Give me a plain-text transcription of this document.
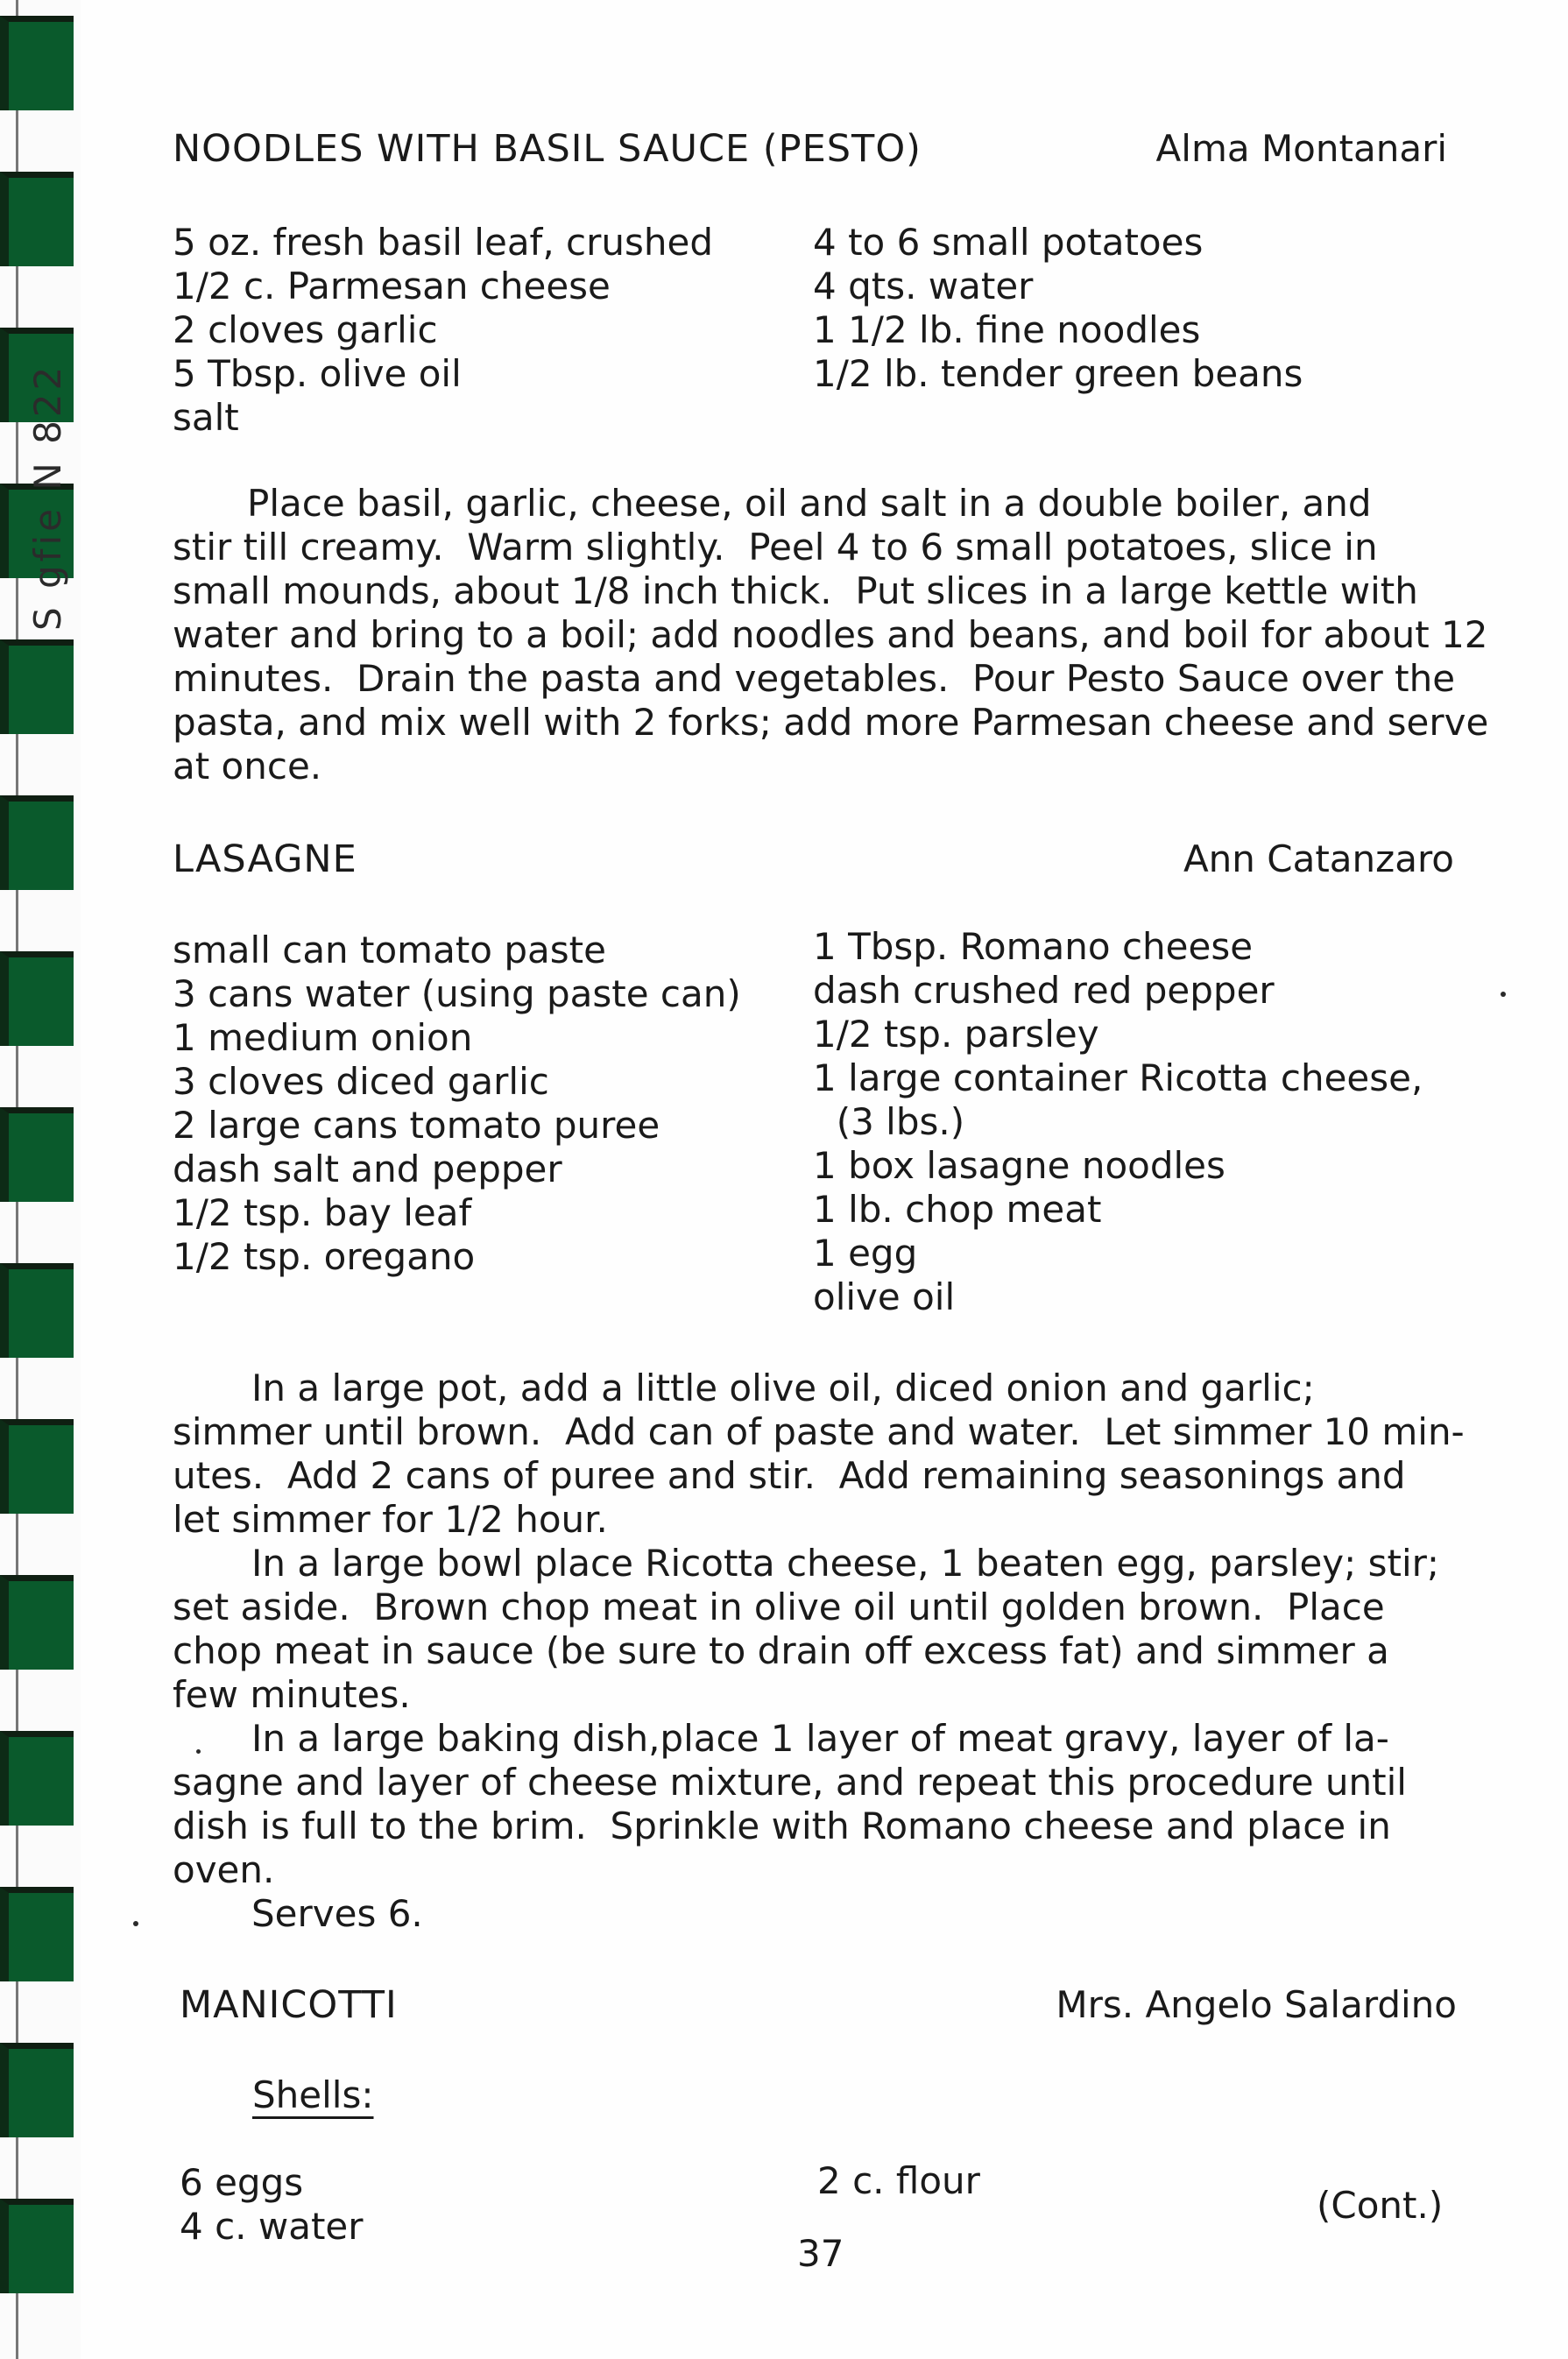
S gfie N 822
NOODLES WITH BASIL SAUCE (PESTO)	Alma Montanari
5 oz. fresh basil leaf, crushed
1/2 c. Parmesan cheese
2 cloves garlic
5 Tbsp. olive oil
salt
4 to 6 small potatoes
4 qts. water
1 1/2 lb. fine noodles
1/2 lb. tender green beans
Place basil, garlic, cheese, oil and salt in a double boiler, and
stir till creamy.  Warm slightly.  Peel 4 to 6 small potatoes, slice in
small mounds, about 1/8 inch thick.  Put slices in a large kettle with
water and bring to a boil; add noodles and beans, and boil for about 12
minutes.  Drain the pasta and vegetables.  Pour Pesto Sauce over the
pasta, and mix well with 2 forks; add more Parmesan cheese and serve
at once.
LASAGNE	Ann Catanzaro
small can tomato paste
3 cans water (using paste can)
1 medium onion
3 cloves diced garlic
2 large cans tomato puree
dash salt and pepper
1/2 tsp. bay leaf
1/2 tsp. oregano
1 Tbsp. Romano cheese
dash crushed red pepper
1/2 tsp. parsley
1 large container Ricotta cheese,
(3 lbs.)
1 box lasagne noodles
1 lb. chop meat
1 egg
olive oil
In a large pot, add a little olive oil, diced onion and garlic;
simmer until brown.  Add can of paste and water.  Let simmer 10 min-
utes.  Add 2 cans of puree and stir.  Add remaining seasonings and
let simmer for 1/2 hour.
In a large bowl place Ricotta cheese, 1 beaten egg, parsley; stir;
set aside.  Brown chop meat in olive oil until golden brown.  Place
chop meat in sauce (be sure to drain off excess fat) and simmer a
few minutes.
In a large baking dish,place 1 layer of meat gravy, layer of la-
sagne and layer of cheese mixture, and repeat this procedure until
dish is full to the brim.  Sprinkle with Romano cheese and place in
oven.
Serves 6.
MANICOTTI	Mrs. Angelo Salardino
Shells:
6 eggs
4 c. water
2 c. flour
(Cont.)
37
